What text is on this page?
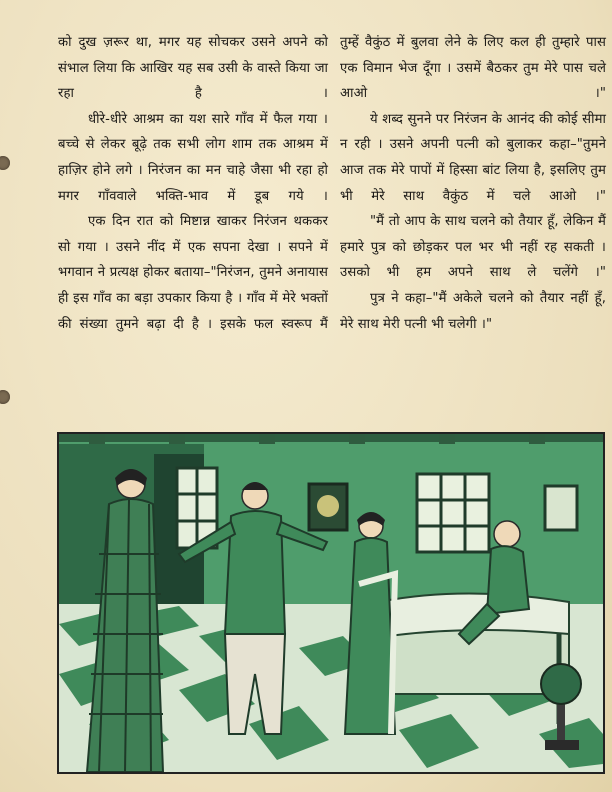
को दुख ज़रूर था, मगर यह सोचकर उसने अपने को संभाल लिया कि आखिर यह सब उसी के वास्ते किया जा रहा है ।

धीरे-धीरे आश्रम का यश सारे गाँव में फैल गया । बच्चे से लेकर बूढ़े तक सभी लोग शाम तक आश्रम में हाज़िर होने लगे । निरंजन का मन चाहे जैसा भी रहा हो मगर गाँववाले भक्ति-भाव में डूब गये ।

एक दिन रात को मिष्टान्न खाकर निरंजन थककर सो गया । उसने नींद में एक सपना देखा । सपने में भगवान ने प्रत्यक्ष होकर बताया–"निरंजन, तुमने अनायास ही इस गाँव का बड़ा उपकार किया है । गाँव में मेरे भक्तों की संख्या तुमने बढ़ा दी है । इसके फल स्वरूप मैं

तुम्हें वैकुंठ में बुलवा लेने के लिए कल ही तुम्हारे पास एक विमान भेज दूँगा । उसमें बैठकर तुम मेरे पास चले आओ ।"

ये शब्द सुनने पर निरंजन के आनंद की कोई सीमा न रही । उसने अपनी पत्नी को बुलाकर कहा–"तुमने आज तक मेरे पापों में हिस्सा बांट लिया है, इसलिए तुम भी मेरे साथ वैकुंठ में चले आओ ।"

"मैं तो आप के साथ चलने को तैयार हूँ, लेकिन मैं हमारे पुत्र को छोड़कर पल भर भी नहीं रह सकती । उसको भी हम अपने साथ ले चलेंगे ।"

पुत्र ने कहा–"मैं अकेले चलने को तैयार नहीं हूँ, मेरे साथ मेरी पत्नी भी चलेगी ।"
